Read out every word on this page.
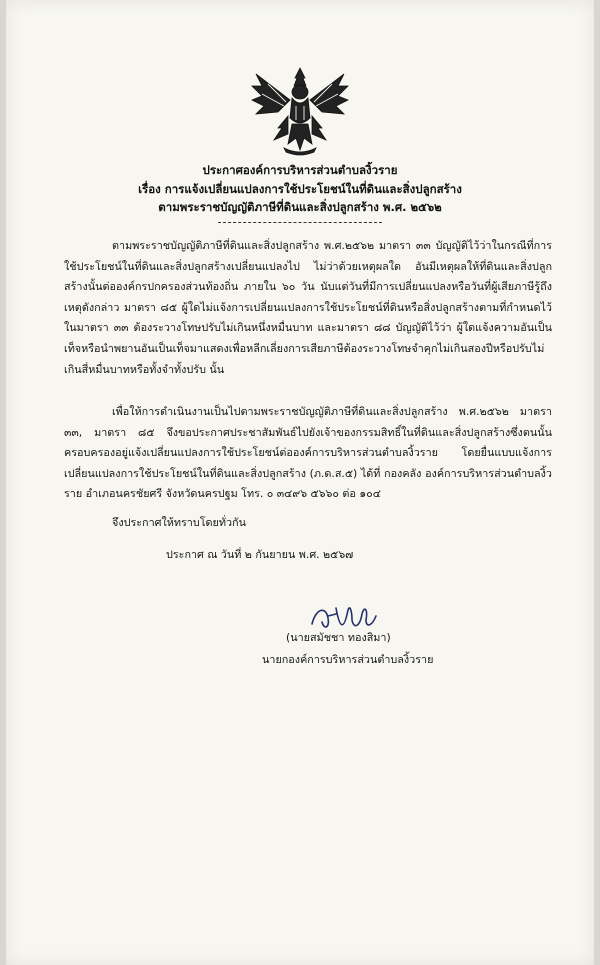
ประกาศองค์การบริหารส่วนตำบลงิ้วราย
เรื่อง การแจ้งเปลี่ยนแปลงการใช้ประโยชน์ในที่ดินและสิ่งปลูกสร้าง
ตามพระราชบัญญัติภาษีที่ดินและสิ่งปลูกสร้าง พ.ศ. ๒๕๖๒
ตามพระราชบัญญัติภาษีที่ดินและสิ่งปลูกสร้าง พ.ศ.๒๕๖๒ มาตรา ๓๓ บัญญัติไว้ว่าในกรณีที่การใช้ประโยชน์ในที่ดินและสิ่งปลูกสร้างเปลี่ยนแปลงไป ไม่ว่าด้วยเหตุผลใด อันมีเหตุผลให้ที่ดินและสิ่งปลูกสร้างนั้นต่อองค์กรปกครองส่วนท้องถิ่น ภายใน ๖๐ วัน นับแต่วันที่มีการเปลี่ยนแปลงหรือวันที่ผู้เสียภาษีรู้ถึงเหตุดังกล่าว มาตรา ๘๕ ผู้ใดไม่แจ้งการเปลี่ยนแปลงการใช้ประโยชน์ที่ดินหรือสิ่งปลูกสร้างตามที่กำหนดไว้ในมาตรา ๓๓ ต้องระวางโทษปรับไม่เกินหนึ่งหมื่นบาท และมาตรา ๘๘ บัญญัติไว้ว่า ผู้ใดแจ้งความอันเป็นเท็จหรือนำพยานอันเป็นเท็จมาแสดงเพื่อหลีกเลี่ยงการเสียภาษีต้องระวางโทษจำคุกไม่เกินสองปีหรือปรับไม่เกินสี่หมื่นบาทหรือทั้งจำทั้งปรับ นั้น
เพื่อให้การดำเนินงานเป็นไปตามพระราชบัญญัติภาษีที่ดินและสิ่งปลูกสร้าง พ.ศ.๒๕๖๒ มาตรา ๓๓, มาตรา ๘๕ จึงขอประกาศประชาสัมพันธ์ไปยังเจ้าของกรรมสิทธิ์ในที่ดินและสิ่งปลูกสร้างซึ่งตนนั้นครอบครองอยู่แจ้งเปลี่ยนแปลงการใช้ประโยชน์ต่อองค์การบริหารส่วนตำบลงิ้วราย โดยยื่นแบบแจ้งการเปลี่ยนแปลงการใช้ประโยชน์ในที่ดินและสิ่งปลูกสร้าง (ภ.ด.ส.๕) ได้ที่ กองคลัง องค์การบริหารส่วนตำบลงิ้วราย อำเภอนครชัยศรี จังหวัดนครปฐม โทร. ๐ ๓๔๙๖ ๕๖๖๐ ต่อ ๑๐๔
จึงประกาศให้ทราบโดยทั่วกัน
ประกาศ ณ วันที่ ๒ กันยายน พ.ศ. ๒๕๖๗
(นายสมัชชา ทองสิมา)
นายกองค์การบริหารส่วนตำบลงิ้วราย
